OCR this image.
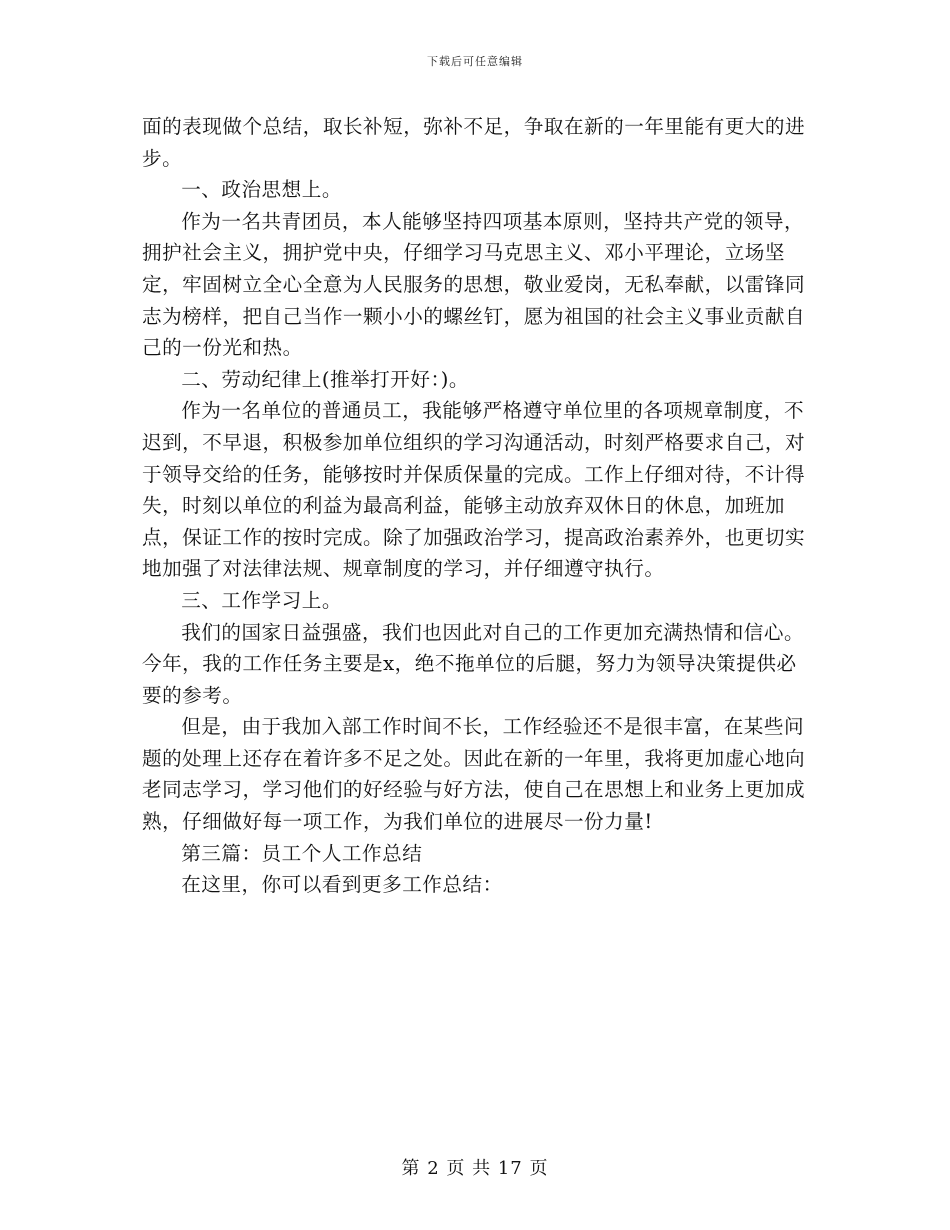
下载后可任意编辑

面的表现做个总结，取长补短，弥补不足，争取在新的一年里能有更大的进步。

一、政治思想上。

作为一名共青团员，本人能够坚持四项基本原则，坚持共产党的领导，拥护社会主义，拥护党中央，仔细学习马克思主义、邓小平理论，立场坚定，牢固树立全心全意为人民服务的思想，敬业爱岗，无私奉献，以雷锋同志为榜样，把自己当作一颗小小的螺丝钉，愿为祖国的社会主义事业贡献自己的一份光和热。

二、劳动纪律上(推举打开好：)。

作为一名单位的普通员工，我能够严格遵守单位里的各项规章制度，不迟到，不早退，积极参加单位组织的学习沟通活动，时刻严格要求自己，对于领导交给的任务，能够按时并保质保量的完成。工作上仔细对待，不计得失，时刻以单位的利益为最高利益，能够主动放弃双休日的休息，加班加点，保证工作的按时完成。除了加强政治学习，提高政治素养外，也更切实地加强了对法律法规、规章制度的学习，并仔细遵守执行。

三、工作学习上。

我们的国家日益强盛，我们也因此对自己的工作更加充满热情和信心。今年，我的工作任务主要是x，绝不拖单位的后腿，努力为领导决策提供必要的参考。

但是，由于我加入部工作时间不长，工作经验还不是很丰富，在某些问题的处理上还存在着许多不足之处。因此在新的一年里，我将更加虚心地向老同志学习，学习他们的好经验与好方法，使自己在思想上和业务上更加成熟，仔细做好每一项工作，为我们单位的进展尽一份力量!

第三篇：员工个人工作总结

在这里，你可以看到更多工作总结：

第 2 页 共 17 页
